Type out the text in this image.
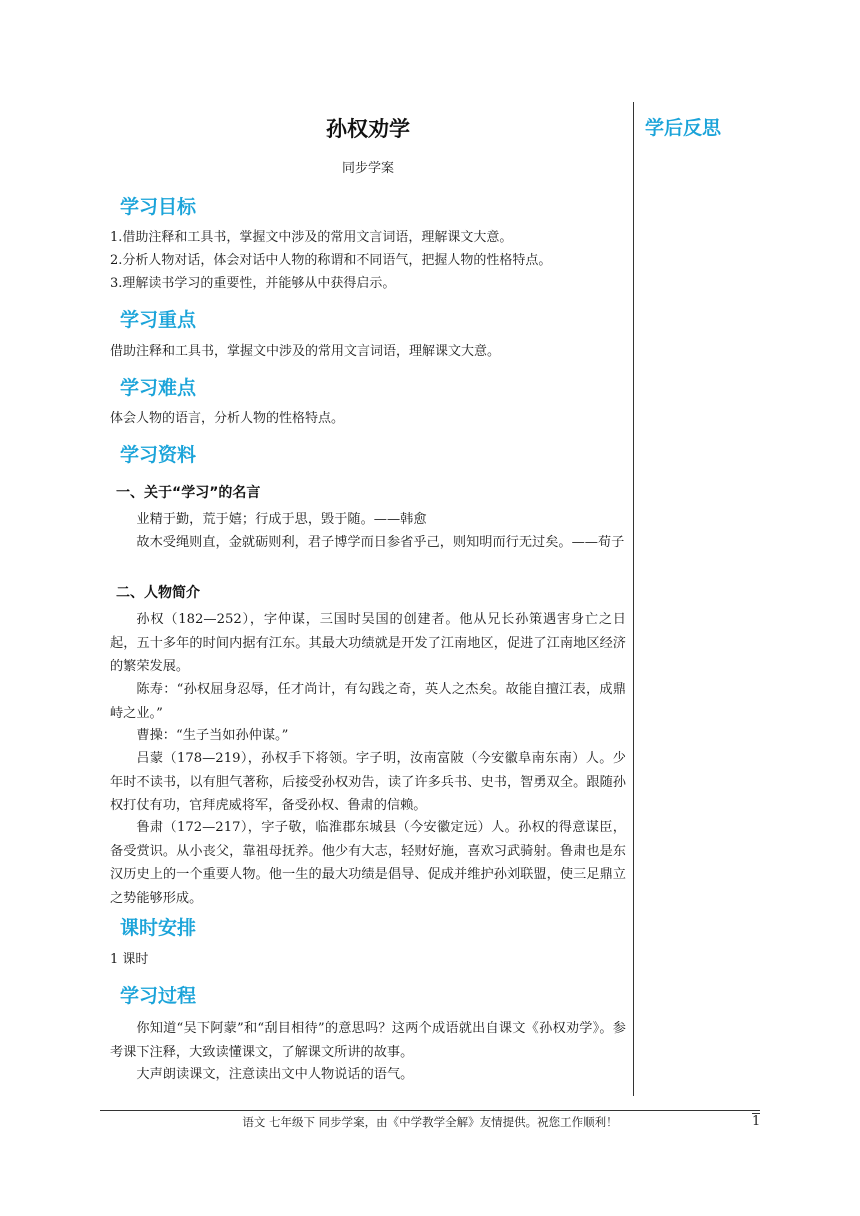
学后反思
孙权劝学
同步学案
学习目标
1.借助注释和工具书，掌握文中涉及的常用文言词语，理解课文大意。
2.分析人物对话，体会对话中人物的称谓和不同语气，把握人物的性格特点。
3.理解读书学习的重要性，并能够从中获得启示。
学习重点
借助注释和工具书，掌握文中涉及的常用文言词语，理解课文大意。
学习难点
体会人物的语言，分析人物的性格特点。
学习资料
一、关于“学习”的名言
业精于勤，荒于嬉；行成于思，毁于随。——韩愈
故木受绳则直，金就砺则利，君子博学而日参省乎己，则知明而行无过矣。——荀子
二、人物简介
孙权（182—252），字仲谋，三国时吴国的创建者。他从兄长孙策遇害身亡之日起，五十多年的时间内据有江东。其最大功绩就是开发了江南地区，促进了江南地区经济的繁荣发展。
陈寿：“孙权屈身忍辱，任才尚计，有勾践之奇，英人之杰矣。故能自擅江表，成鼎峙之业。”
曹操：“生子当如孙仲谋。”
吕蒙（178—219），孙权手下将领。字子明，汝南富陂（今安徽阜南东南）人。少年时不读书，以有胆气著称，后接受孙权劝告，读了许多兵书、史书，智勇双全。跟随孙权打仗有功，官拜虎威将军，备受孙权、鲁肃的信赖。
鲁肃（172—217），字子敬，临淮郡东城县（今安徽定远）人。孙权的得意谋臣，备受赏识。从小丧父，靠祖母抚养。他少有大志，轻财好施，喜欢习武骑射。鲁肃也是东汉历史上的一个重要人物。他一生的最大功绩是倡导、促成并维护孙刘联盟，使三足鼎立之势能够形成。
课时安排
1 课时
学习过程
你知道“吴下阿蒙”和“刮目相待”的意思吗？这两个成语就出自课文《孙权劝学》。参考课下注释，大致读懂课文，了解课文所讲的故事。
大声朗读课文，注意读出文中人物说话的语气。
语文 七年级下 同步学案，由《中学教学全解》友情提供。祝您工作顺利！	1
